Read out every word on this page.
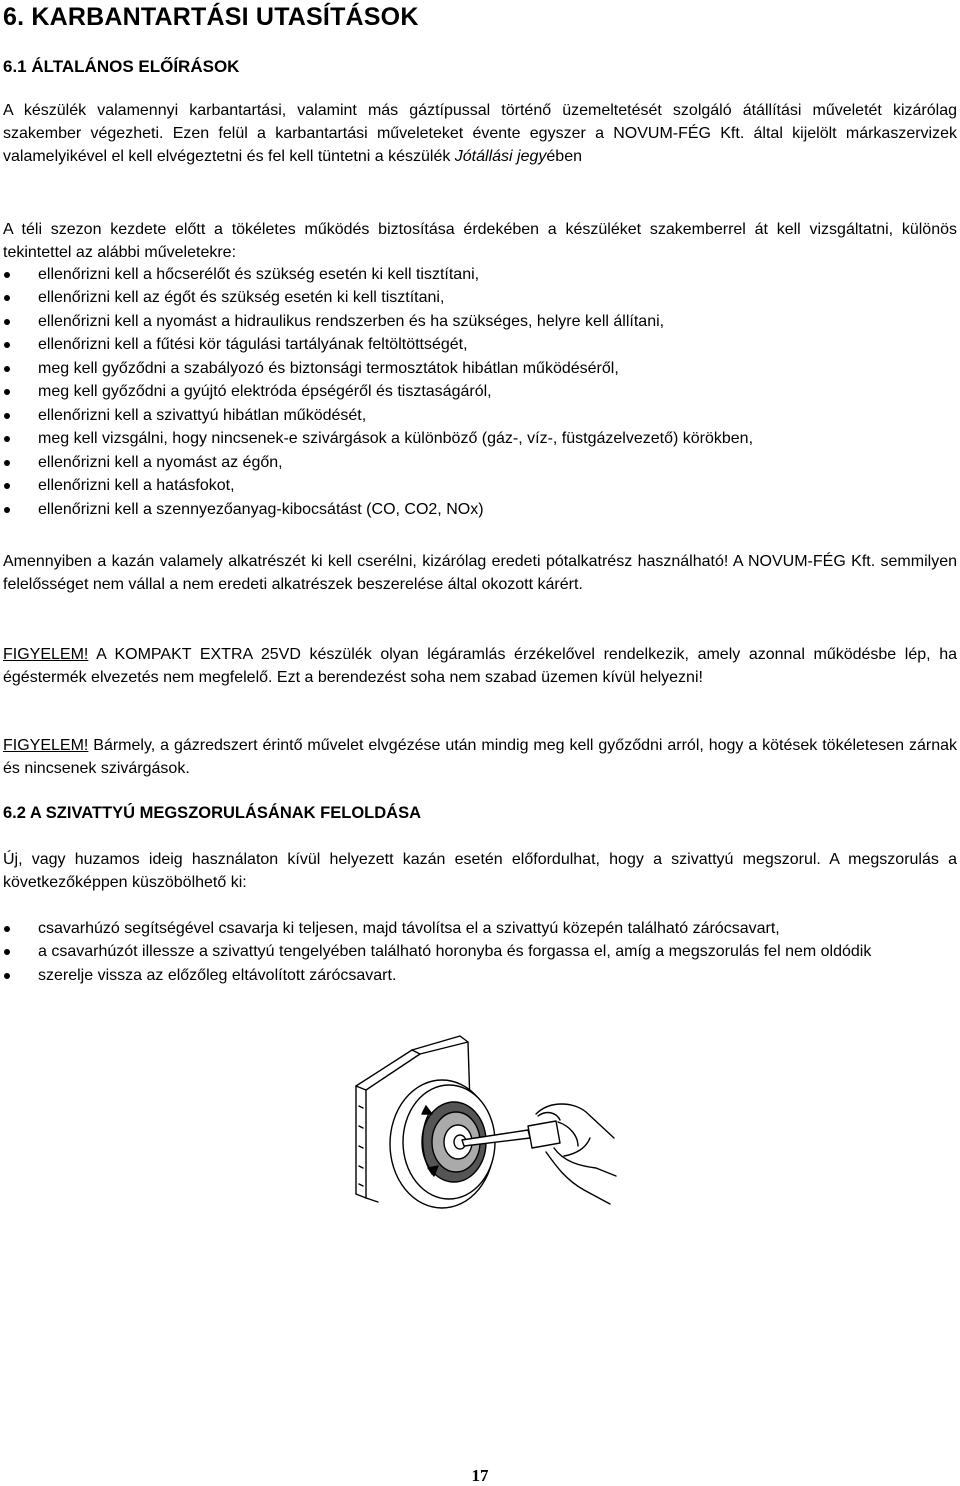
6. KARBANTARTÁSI UTASÍTÁSOK
6.1 ÁLTALÁNOS ELŐÍRÁSOK

A készülék valamennyi karbantartási, valamint más gáztípussal történő üzemeltetését szolgáló átállítási műveletét kizárólag szakember végezheti. Ezen felül a karbantartási műveleteket évente egyszer a NOVUM-FÉG Kft. által kijelölt márkaszervizek valamelyikével el kell elvégeztetni és fel kell tüntetni a készülék Jótállási jegyében

A téli szezon kezdete előtt a tökéletes működés biztosítása érdekében a készüléket szakemberrel át kell vizsgáltatni, különös tekintettel az alábbi műveletekre:

ellenőrizni kell a hőcserélőt és szükség esetén ki kell tisztítani,
ellenőrizni kell az égőt és szükség esetén ki kell tisztítani,
ellenőrizni kell a nyomást a hidraulikus rendszerben és ha szükséges, helyre kell állítani,
ellenőrizni kell a fűtési kör tágulási tartályának feltöltöttségét,
meg kell győződni a szabályozó és biztonsági termosztátok hibátlan működéséről,
meg kell győződni a gyújtó elektróda épségéről és tisztaságáról,
ellenőrizni kell a szivattyú hibátlan működését,
meg kell vizsgálni, hogy nincsenek-e szivárgások a különböző (gáz-, víz-, füstgázelvezető) körökben,
ellenőrizni kell a nyomást az égőn,
ellenőrizni kell a hatásfokot,
ellenőrizni kell a szennyezőanyag-kibocsátást (CO, CO2, NOx)

Amennyiben a kazán valamely alkatrészét ki kell cserélni, kizárólag eredeti pótalkatrész használható! A NOVUM-FÉG Kft. semmilyen felelősséget nem vállal a nem eredeti alkatrészek beszerelése által okozott kárért.

FIGYELEM! A KOMPAKT EXTRA 25VD készülék olyan légáramlás érzékelővel rendelkezik, amely azonnal működésbe lép, ha égéstermék elvezetés nem megfelelő. Ezt a berendezést soha nem szabad üzemen kívül helyezni!

FIGYELEM! Bármely, a gázredszert érintő művelet elvgézése után mindig meg kell győződni arról, hogy a kötések tökéletesen zárnak és nincsenek szivárgások.

6.2 A SZIVATTYÚ MEGSZORULÁSÁNAK FELOLDÁSA

Új, vagy huzamos ideig használaton kívül helyezett kazán esetén előfordulhat, hogy a szivattyú megszorul. A megszorulás a következőképpen küszöbölhető ki:

csavarhúzó segítségével csavarja ki teljesen, majd távolítsa el a szivattyú közepén található zárócsavart,
a csavarhúzót illessze a szivattyú tengelyében található horonyba és forgassa el, amíg a megszorulás fel nem oldódik
szerelje vissza az előzőleg eltávolított zárócsavart.
17
